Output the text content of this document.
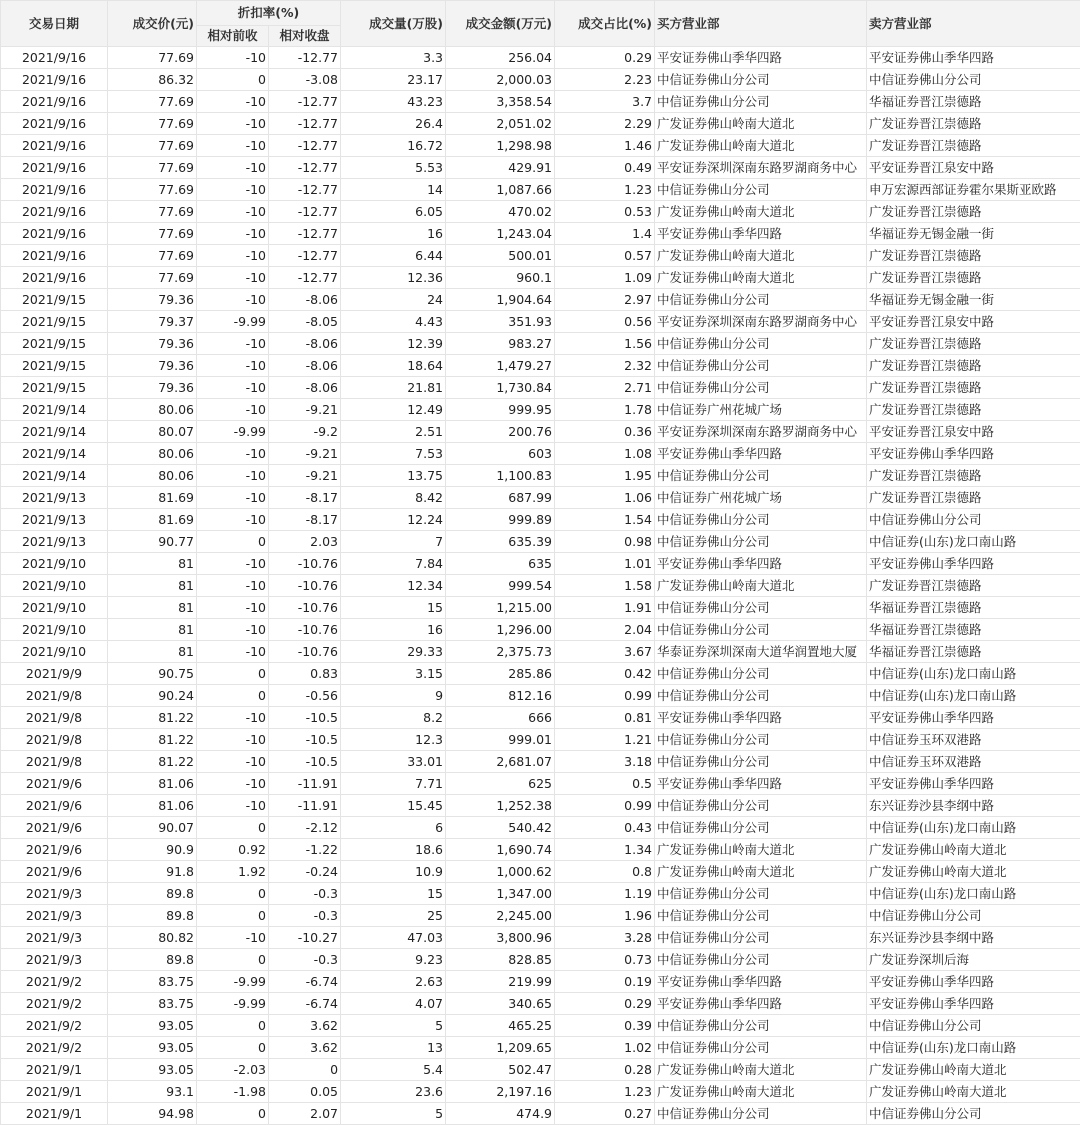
交易日期	成交价(元)	折扣率(%)		成交量(万股)	成交金额(万元)	成交占比(%)	买方营业部	卖方营业部
		相对前收	相对收盘					
2021/9/16	77.69	-10	-12.77	3.3	256.04	0.29	平安证券佛山季华四路	平安证券佛山季华四路
2021/9/16	86.32	0	-3.08	23.17	2,000.03	2.23	中信证券佛山分公司	中信证券佛山分公司
2021/9/16	77.69	-10	-12.77	43.23	3,358.54	3.7	中信证券佛山分公司	华福证券晋江崇德路
2021/9/16	77.69	-10	-12.77	26.4	2,051.02	2.29	广发证券佛山岭南大道北	广发证券晋江崇德路
2021/9/16	77.69	-10	-12.77	16.72	1,298.98	1.46	广发证券佛山岭南大道北	广发证券晋江崇德路
2021/9/16	77.69	-10	-12.77	5.53	429.91	0.49	平安证券深圳深南东路罗湖商务中心	平安证券晋江泉安中路
2021/9/16	77.69	-10	-12.77	14	1,087.66	1.23	中信证券佛山分公司	申万宏源西部证券霍尔果斯亚欧路
2021/9/16	77.69	-10	-12.77	6.05	470.02	0.53	广发证券佛山岭南大道北	广发证券晋江崇德路
2021/9/16	77.69	-10	-12.77	16	1,243.04	1.4	平安证券佛山季华四路	华福证券无锡金融一街
2021/9/16	77.69	-10	-12.77	6.44	500.01	0.57	广发证券佛山岭南大道北	广发证券晋江崇德路
2021/9/16	77.69	-10	-12.77	12.36	960.1	1.09	广发证券佛山岭南大道北	广发证券晋江崇德路
2021/9/15	79.36	-10	-8.06	24	1,904.64	2.97	中信证券佛山分公司	华福证券无锡金融一街
2021/9/15	79.37	-9.99	-8.05	4.43	351.93	0.56	平安证券深圳深南东路罗湖商务中心	平安证券晋江泉安中路
2021/9/15	79.36	-10	-8.06	12.39	983.27	1.56	中信证券佛山分公司	广发证券晋江崇德路
2021/9/15	79.36	-10	-8.06	18.64	1,479.27	2.32	中信证券佛山分公司	广发证券晋江崇德路
2021/9/15	79.36	-10	-8.06	21.81	1,730.84	2.71	中信证券佛山分公司	广发证券晋江崇德路
2021/9/14	80.06	-10	-9.21	12.49	999.95	1.78	中信证券广州花城广场	广发证券晋江崇德路
2021/9/14	80.07	-9.99	-9.2	2.51	200.76	0.36	平安证券深圳深南东路罗湖商务中心	平安证券晋江泉安中路
2021/9/14	80.06	-10	-9.21	7.53	603	1.08	平安证券佛山季华四路	平安证券佛山季华四路
2021/9/14	80.06	-10	-9.21	13.75	1,100.83	1.95	中信证券佛山分公司	广发证券晋江崇德路
2021/9/13	81.69	-10	-8.17	8.42	687.99	1.06	中信证券广州花城广场	广发证券晋江崇德路
2021/9/13	81.69	-10	-8.17	12.24	999.89	1.54	中信证券佛山分公司	中信证券佛山分公司
2021/9/13	90.77	0	2.03	7	635.39	0.98	中信证券佛山分公司	中信证券(山东)龙口南山路
2021/9/10	81	-10	-10.76	7.84	635	1.01	平安证券佛山季华四路	平安证券佛山季华四路
2021/9/10	81	-10	-10.76	12.34	999.54	1.58	广发证券佛山岭南大道北	广发证券晋江崇德路
2021/9/10	81	-10	-10.76	15	1,215.00	1.91	中信证券佛山分公司	华福证券晋江崇德路
2021/9/10	81	-10	-10.76	16	1,296.00	2.04	中信证券佛山分公司	华福证券晋江崇德路
2021/9/10	81	-10	-10.76	29.33	2,375.73	3.67	华泰证券深圳深南大道华润置地大厦	华福证券晋江崇德路
2021/9/9	90.75	0	0.83	3.15	285.86	0.42	中信证券佛山分公司	中信证券(山东)龙口南山路
2021/9/8	90.24	0	-0.56	9	812.16	0.99	中信证券佛山分公司	中信证券(山东)龙口南山路
2021/9/8	81.22	-10	-10.5	8.2	666	0.81	平安证券佛山季华四路	平安证券佛山季华四路
2021/9/8	81.22	-10	-10.5	12.3	999.01	1.21	中信证券佛山分公司	中信证券玉环双港路
2021/9/8	81.22	-10	-10.5	33.01	2,681.07	3.18	中信证券佛山分公司	中信证券玉环双港路
2021/9/6	81.06	-10	-11.91	7.71	625	0.5	平安证券佛山季华四路	平安证券佛山季华四路
2021/9/6	81.06	-10	-11.91	15.45	1,252.38	0.99	中信证券佛山分公司	东兴证券沙县李纲中路
2021/9/6	90.07	0	-2.12	6	540.42	0.43	中信证券佛山分公司	中信证券(山东)龙口南山路
2021/9/6	90.9	0.92	-1.22	18.6	1,690.74	1.34	广发证券佛山岭南大道北	广发证券佛山岭南大道北
2021/9/6	91.8	1.92	-0.24	10.9	1,000.62	0.8	广发证券佛山岭南大道北	广发证券佛山岭南大道北
2021/9/3	89.8	0	-0.3	15	1,347.00	1.19	中信证券佛山分公司	中信证券(山东)龙口南山路
2021/9/3	89.8	0	-0.3	25	2,245.00	1.96	中信证券佛山分公司	中信证券佛山分公司
2021/9/3	80.82	-10	-10.27	47.03	3,800.96	3.28	中信证券佛山分公司	东兴证券沙县李纲中路
2021/9/3	89.8	0	-0.3	9.23	828.85	0.73	中信证券佛山分公司	广发证券深圳后海
2021/9/2	83.75	-9.99	-6.74	2.63	219.99	0.19	平安证券佛山季华四路	平安证券佛山季华四路
2021/9/2	83.75	-9.99	-6.74	4.07	340.65	0.29	平安证券佛山季华四路	平安证券佛山季华四路
2021/9/2	93.05	0	3.62	5	465.25	0.39	中信证券佛山分公司	中信证券佛山分公司
2021/9/2	93.05	0	3.62	13	1,209.65	1.02	中信证券佛山分公司	中信证券(山东)龙口南山路
2021/9/1	93.05	-2.03	0	5.4	502.47	0.28	广发证券佛山岭南大道北	广发证券佛山岭南大道北
2021/9/1	93.1	-1.98	0.05	23.6	2,197.16	1.23	广发证券佛山岭南大道北	广发证券佛山岭南大道北
2021/9/1	94.98	0	2.07	5	474.9	0.27	中信证券佛山分公司	中信证券佛山分公司
